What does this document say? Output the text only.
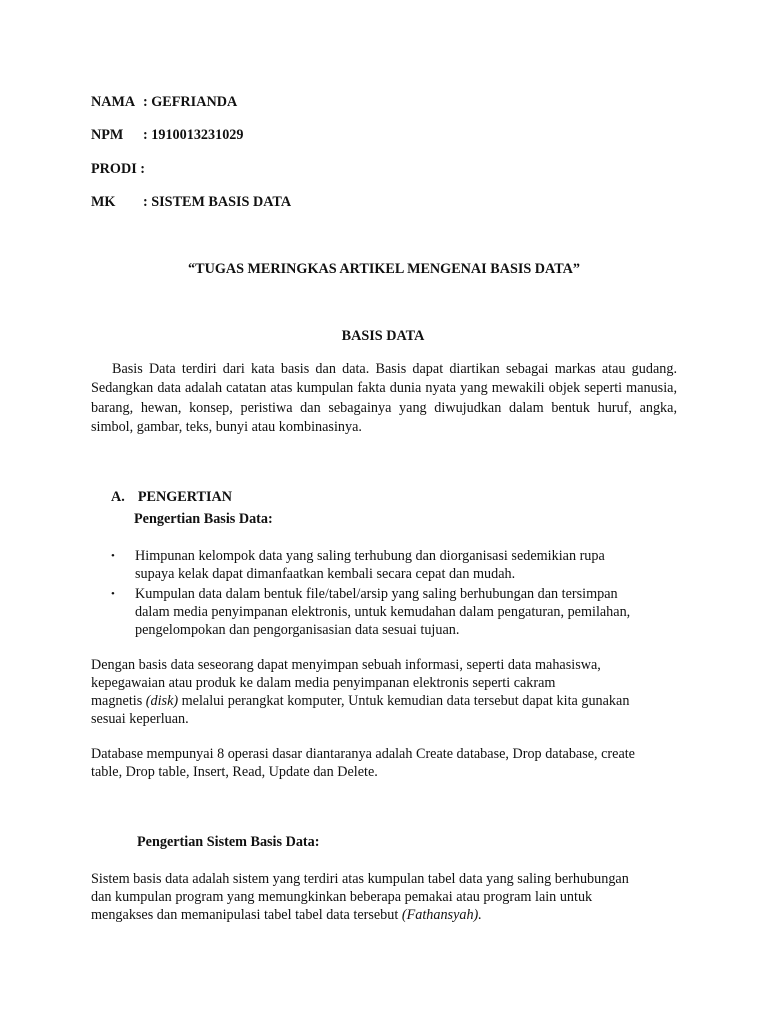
NAMA : GEFRIANDA
NPM : 1910013231029
PRODI :
MK : SISTEM BASIS DATA
“TUGAS MERINGKAS ARTIKEL MENGENAI BASIS DATA”
BASIS DATA

Basis Data terdiri dari kata basis dan data. Basis dapat diartikan sebagai markas atau gudang. Sedangkan data adalah catatan atas kumpulan fakta dunia nyata yang mewakili objek seperti manusia, barang, hewan, konsep, peristiwa dan sebagainya yang diwujudkan dalam bentuk huruf, angka, simbol, gambar, teks, bunyi atau kombinasinya.

A. PENGERTIAN
Pengertian Basis Data:
• Himpunan kelompok data yang saling terhubung dan diorganisasi sedemikian rupa
supaya kelak dapat dimanfaatkan kembali secara cepat dan mudah.
• Kumpulan data dalam bentuk file/tabel/arsip yang saling berhubungan dan tersimpan
dalam media penyimpanan elektronis, untuk kemudahan dalam pengaturan, pemilahan,
pengelompokan dan pengorganisasian data sesuai tujuan.

Dengan basis data seseorang dapat menyimpan sebuah informasi, seperti data mahasiswa,

kepegawaian atau produk ke dalam media penyimpanan elektronis seperti cakram

magnetis (disk) melalui perangkat komputer, Untuk kemudian data tersebut dapat kita gunakan

sesuai keperluan.

Database mempunyai 8 operasi dasar diantaranya adalah Create database, Drop database, create

table, Drop table, Insert, Read, Update dan Delete.

Pengertian Sistem Basis Data:

Sistem basis data adalah sistem yang terdiri atas kumpulan tabel data yang saling berhubungan

dan kumpulan program yang memungkinkan beberapa pemakai atau program lain untuk

mengakses dan memanipulasi tabel tabel data tersebut (Fathansyah).
